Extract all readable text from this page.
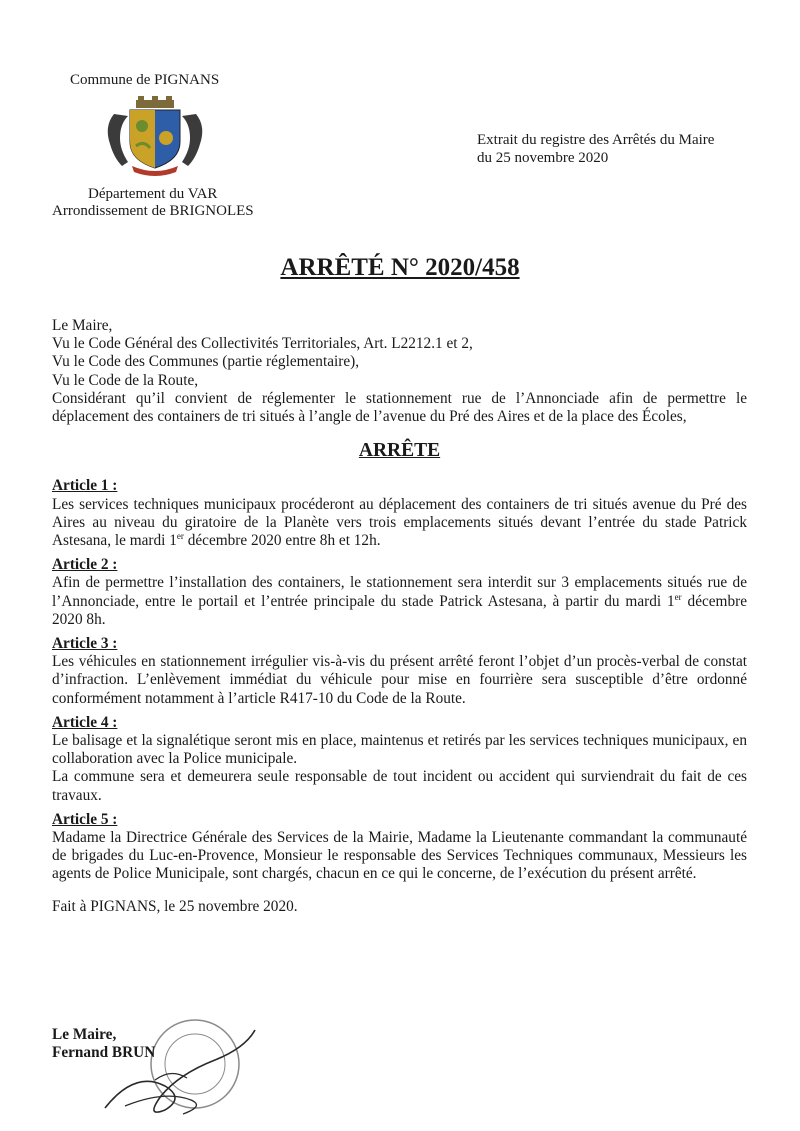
Commune de PIGNANS
Département du VAR
Arrondissement de BRIGNOLES
Extrait du registre des Arrêtés du Maire
du 25 novembre 2020
ARRÊTÉ N° 2020/458

Le Maire,

Vu le Code Général des Collectivités Territoriales, Art. L2212.1 et 2,

Vu le Code des Communes (partie réglementaire),

Vu le Code de la Route,

Considérant qu’il convient de réglementer le stationnement rue de l’Annonciade afin de permettre le déplacement des containers de tri situés à l’angle de l’avenue du Pré des Aires et de la place des Écoles,

ARRÊTE

Article 1 :

Les services techniques municipaux procéderont au déplacement des containers de tri situés avenue du Pré des Aires au niveau du giratoire de la Planète vers trois emplacements situés devant l’entrée du stade Patrick Astesana, le mardi 1er décembre 2020 entre 8h et 12h.

Article 2 :

Afin de permettre l’installation des containers, le stationnement sera interdit sur 3 emplacements situés rue de l’Annonciade, entre le portail et l’entrée principale du stade Patrick Astesana, à partir du mardi 1er décembre 2020 8h.

Article 3 :

Les véhicules en stationnement irrégulier vis-à-vis du présent arrêté feront l’objet d’un procès-verbal de constat d’infraction. L’enlèvement immédiat du véhicule pour mise en fourrière sera susceptible d’être ordonné conformément notamment à l’article R417-10 du Code de la Route.

Article 4 :

Le balisage et la signalétique seront mis en place, maintenus et retirés par les services techniques municipaux, en collaboration avec la Police municipale.

La commune sera et demeurera seule responsable de tout incident ou accident qui surviendrait du fait de ces travaux.

Article 5 :

Madame la Directrice Générale des Services de la Mairie, Madame la Lieutenante commandant la communauté de brigades du Luc-en-Provence, Monsieur le responsable des Services Techniques communaux, Messieurs les agents de Police Municipale, sont chargés, chacun en ce qui le concerne, de l’exécution du présent arrêté.

Fait à PIGNANS, le 25 novembre 2020.

Le Maire,
Fernand BRUN
